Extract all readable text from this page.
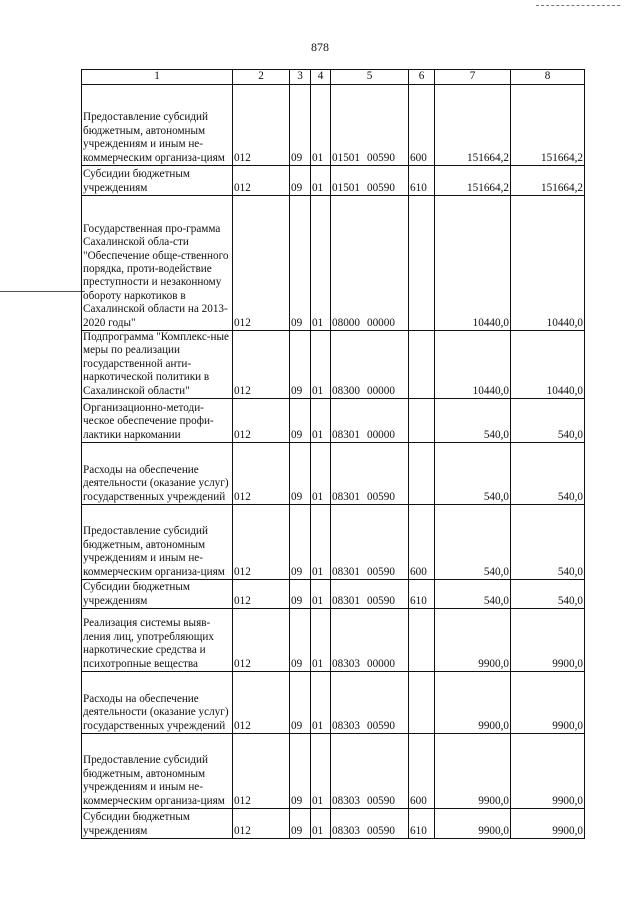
878
1	2	3	4	5	6	7	8

Предоставление субсидий бюджетным, автономным учреждениям и иным не-коммерческим организа-циям	012	09	01	01501 00590	600	151664,2	151664,2

Субсидии бюджетным учреждениям	012	09	01	01501 00590	610	151664,2	151664,2

Государственная про-грамма Сахалинской обла-сти "Обеспечение обще-ственного порядка, проти-водействие преступности и незаконному обороту наркотиков в Сахалинской области на 2013-2020 годы"	012	09	01	08000 00000		10440,0	10440,0

Подпрограмма "Комплекс-ные меры по реализации государственной анти-наркотической политики в Сахалинской области"	012	09	01	08300 00000		10440,0	10440,0

Организационно-методи-ческое обеспечение профи-лактики наркомании	012	09	01	08301 00000		540,0	540,0

Расходы на обеспечение деятельности (оказание услуг) государственных учреждений	012	09	01	08301 00590		540,0	540,0

Предоставление субсидий бюджетным, автономным учреждениям и иным не-коммерческим организа-циям	012	09	01	08301 00590	600	540,0	540,0

Субсидии бюджетным учреждениям	012	09	01	08301 00590	610	540,0	540,0

Реализация системы выяв-ления лиц, употребляющих наркотические средства и психотропные вещества	012	09	01	08303 00000		9900,0	9900,0

Расходы на обеспечение деятельности (оказание услуг) государственных учреждений	012	09	01	08303 00590		9900,0	9900,0

Предоставление субсидий бюджетным, автономным учреждениям и иным не-коммерческим организа-циям	012	09	01	08303 00590	600	9900,0	9900,0

Субсидии бюджетным учреждениям	012	09	01	08303 00590	610	9900,0	9900,0
